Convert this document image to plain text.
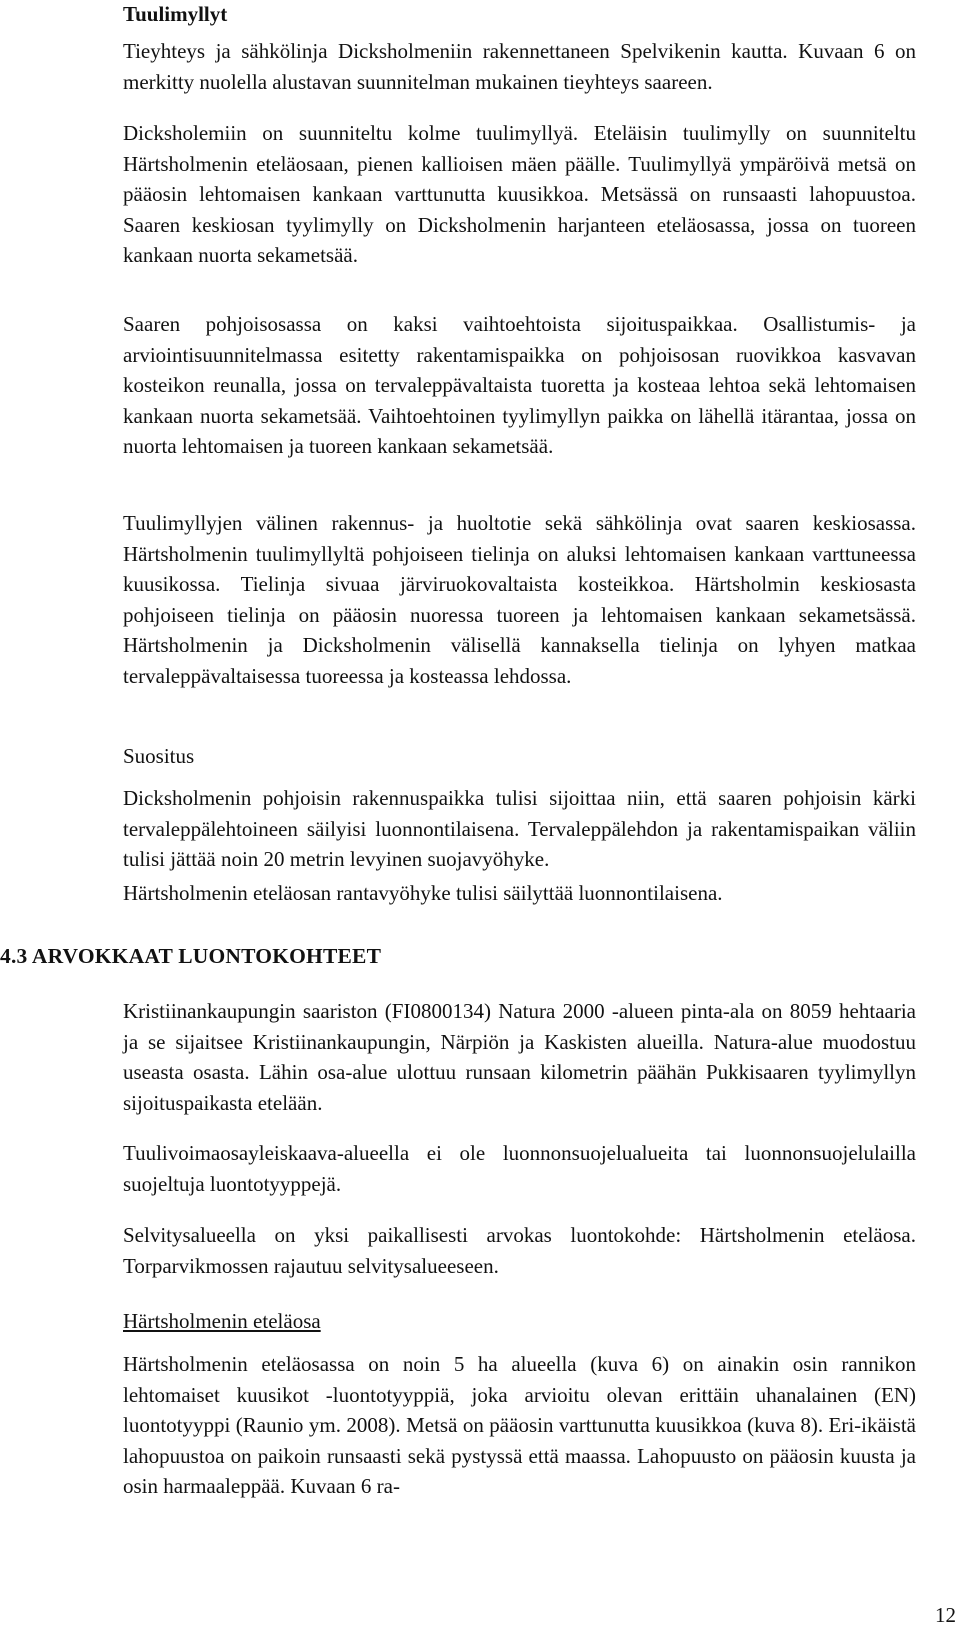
Tuulimyllyt

Tieyhteys ja sähkölinja Dicksholmeniin rakennettaneen Spelvikenin kautta. Kuvaan 6 on merkitty nuolella alustavan suunnitelman mukainen tieyhteys saareen.

Dicksholemiin on suunniteltu kolme tuulimyllyä. Eteläisin tuulimylly on suunniteltu Härtsholmenin eteläosaan, pienen kallioisen mäen päälle. Tuulimyllyä ympäröivä metsä on pääosin lehtomaisen kankaan varttunutta kuusikkoa. Metsässä on runsaasti lahopuustoa. Saaren keskiosan tyylimylly on Dicksholmenin harjanteen eteläosassa, jossa on tuoreen kankaan nuorta sekametsää.

Saaren pohjoisosassa on kaksi vaihtoehtoista sijoituspaikkaa. Osallistumis- ja arviointisuunnitelmassa esitetty rakentamispaikka on pohjoisosan ruovikkoa kasvavan kosteikon reunalla, jossa on tervaleppävaltaista tuoretta ja kosteaa lehtoa sekä lehtomaisen kankaan nuorta sekametsää. Vaihtoehtoinen tyylimyllyn paikka on lähellä itärantaa, jossa on nuorta lehtomaisen ja tuoreen kankaan sekametsää.

Tuulimyllyjen välinen rakennus- ja huoltotie sekä sähkölinja ovat saaren keskiosassa. Härtsholmenin tuulimyllyltä pohjoiseen tielinja on aluksi lehtomaisen kankaan varttuneessa kuusikossa. Tielinja sivuaa järviruokovaltaista kosteikkoa. Härtsholmin keskiosasta pohjoiseen tielinja on pääosin nuoressa tuoreen ja lehtomaisen kankaan sekametsässä. Härtsholmenin ja Dicksholmenin välisellä kannaksella tielinja on lyhyen matkaa tervaleppävaltaisessa tuoreessa ja kosteassa lehdossa.

Suositus

Dicksholmenin pohjoisin rakennuspaikka tulisi sijoittaa niin, että saaren pohjoisin kärki tervaleppälehtoineen säilyisi luonnontilaisena. Tervaleppälehdon ja rakentamispaikan väliin tulisi jättää noin 20 metrin levyinen suojavyöhyke.

Härtsholmenin eteläosan rantavyöhyke tulisi säilyttää luonnontilaisena.

Kristiinankaupungin saariston (FI0800134) Natura 2000 -alueen pinta-ala on 8059 hehtaaria ja se sijaitsee Kristiinankaupungin, Närpiön ja Kaskisten alueilla. Natura-alue muodostuu useasta osasta. Lähin osa-alue ulottuu runsaan kilometrin päähän Pukkisaaren tyylimyllyn sijoituspaikasta etelään.

Tuulivoimaosayleiskaava-alueella ei ole luonnonsuojelualueita tai luonnonsuojelulailla suojeltuja luontotyyppejä.

Selvitysalueella on yksi paikallisesti arvokas luontokohde: Härtsholmenin eteläosa. Torparvikmossen rajautuu selvitysalueeseen.

Härtsholmenin eteläosa

Härtsholmenin eteläosassa on noin 5 ha alueella (kuva 6) on ainakin osin rannikon lehtomaiset kuusikot -luontotyyppiä, joka arvioitu olevan erittäin uhanalainen (EN) luontotyyppi (Raunio ym. 2008). Metsä on pääosin varttunutta kuusikkoa (kuva 8). Eri-ikäistä lahopuustoa on paikoin runsaasti sekä pystyssä että maassa. Lahopuusto on pääosin kuusta ja osin harmaaleppää. Kuvaan 6 ra-

4.3 ARVOKKAAT LUONTOKOHTEET
12
